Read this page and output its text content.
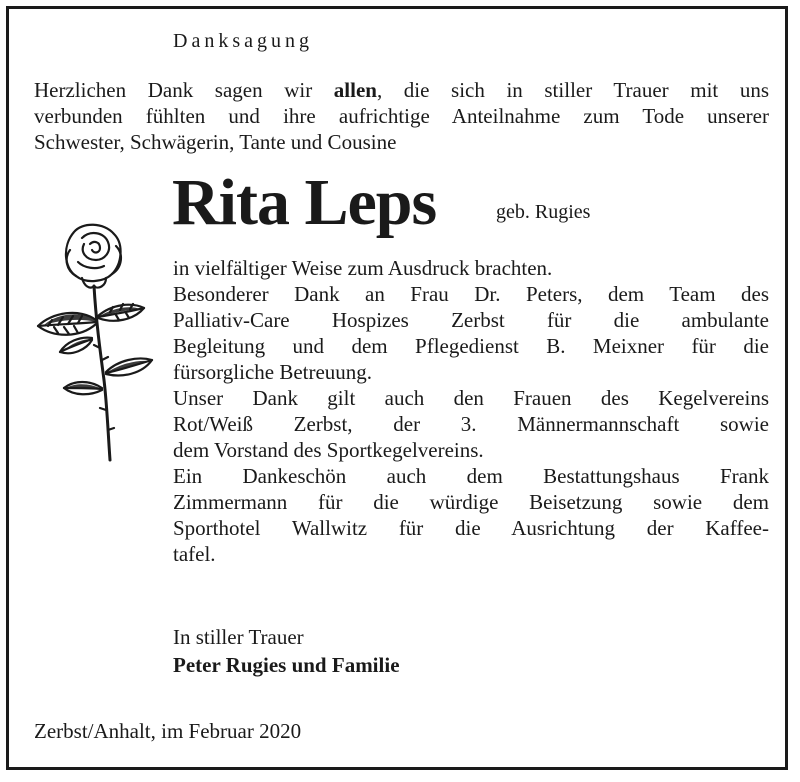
Danksagung
Herzlichen Dank sagen wir allen, die sich in stiller Trauer mit uns
verbunden fühlten und ihre aufrichtige Anteilnahme zum Tode unserer
Schwester, Schwägerin, Tante und Cousine
Rita Leps	geb. Rugies
in vielfältiger Weise zum Ausdruck brachten.
Besonderer Dank an Frau Dr. Peters, dem Team des
Palliativ-Care Hospizes Zerbst für die ambulante
Begleitung und dem Pflegedienst B. Meixner für die
fürsorgliche Betreuung.
Unser Dank gilt auch den Frauen des Kegelvereins
Rot/Weiß Zerbst, der 3. Männermannschaft sowie
dem Vorstand des Sportkegelvereins.
Ein Dankeschön auch dem Bestattungshaus Frank
Zimmermann für die würdige Beisetzung sowie dem
Sporthotel Wallwitz für die Ausrichtung der Kaffee-
tafel.
In stiller Trauer
Peter Rugies und Familie
Zerbst/Anhalt, im Februar 2020
